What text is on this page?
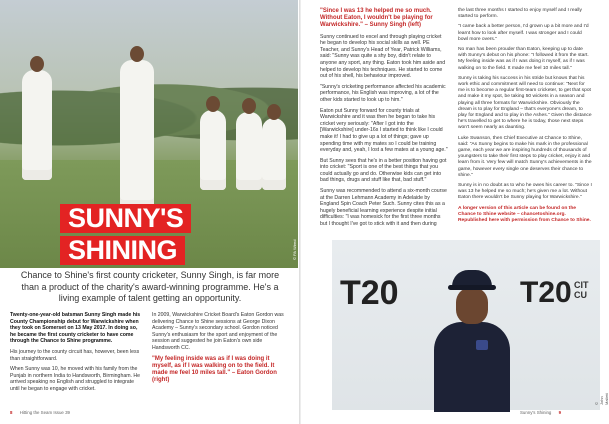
© PA Wired
SUNNY'S
SHINING
Chance to Shine's first county cricketer, Sunny Singh, is far more than a product of the charity's award-winning programme. He's a living example of talent getting an opportunity.

Twenty-one-year-old batsman Sunny Singh made his County Championship debut for Warwickshire when they took on Somerset on 13 May 2017. In doing so, he became the first county cricketer to have come through the Chance to Shine programme.

His journey to the county circuit has, however, been less than straightforward.

When Sunny was 10, he moved with his family from the Punjab in northern India to Handsworth, Birmingham. He arrived speaking no English and struggled to integrate until he began to engage with cricket.

In 2009, Warwickshire Cricket Board's Eaton Gordon was delivering Chance to Shine sessions at George Dixon Academy – Sunny's secondary school. Gordon noticed Sunny's enthusiasm for the sport and enjoyment of the session and suggested he join Eaton's own side Handsworth CC.

"My feeling inside was as if I was doing it myself, as if I was walking on to the field. It made me feel 10 miles tall." – Eaton Gordon (right)

8 Hitting the Seam Issue 39

"Since I was 13 he helped me so much. Without Eaton, I wouldn't be playing for Warwickshire." – Sunny Singh (left)

Sunny continued to excel and through playing cricket he began to develop his social skills as well. PE Teacher, and Sunny's Head of Year, Patrick Williams, said: "Sunny was quite a shy boy, didn't relate to anyone any sport, any thing. Eaton took him aside and helped to develop his techniques. He started to come out of his shell, his behaviour improved.

"Sunny's cricketing performance affected his academic performance, his English was improving, a lot of the other kids started to look up to him."

Eaton put Sunny forward for county trials at Warwickshire and it was then he began to take his cricket very seriously: "After I got into the [Warwickshire] under-16s I started to think like I could make it! I had to give up a lot of things; gave up spending time with my mates so I could be training everyday and, yeah, I lost a few mates at a young age."

But Sunny sees that he's in a better position having got into cricket: "Sport is one of the best things that you could actually go and do. Otherwise kids can get into bad things, drugs and stuff like that, bad stuff."

Sunny was recommended to attend a six-month course at the Darren Lehmann Academy in Adelaide by England Spin Coach Peter Such. Sunny cites this as a hugely beneficial learning experience despite initial difficulties: "I was homesick for the first three months but I thought I've got to stick with it and then during

the last three months I started to enjoy myself and I really started to perform.

"I came back a better person, I'd grown up a bit more and I'd learnt how to look after myself. I was stronger and I could bowl more overs."

No man has been prouder than Eaton, keeping up to date with Sunny's debut on his phone: "I followed it from the start. My feeling inside was as if I was doing it myself, as if I was walking on to the field. It made me feel 10 miles tall."

Sunny is taking his success in his stride but knows that his work ethic and commitment will need to continue: "Next for me is to become a regular first-team cricketer, to get that spot and make it my spot, be taking 50 wickets in a season and playing all three formats for Warwickshire. Obviously the dream is to play for England – that's everyone's dream, to play for England and to play in the Ashes." Given the distance he's travelled to get to where he is today, those next steps won't seem nearly as daunting.

Luke Swanson, then Chief Executive at Chance to Shine, said: "As Sunny begins to make his mark in the professional game, each year we are inspiring hundreds of thousands of youngsters to take their first steps to play cricket, enjoy it and learn from it. Very few will match Sunny's achievements in the game, however every single one deserves their chance to shine."

Sunny is in no doubt as to who he owes his career to. "Since I was 13 he helped me so much; he's given me a lot. Without Eaton there wouldn't be Sunny playing for Warwickshire."

A longer version of this article can be found on the Chance to Shine website – chancetoshine.org. Republished here with permission from Chance to Shine.

T20	T20 CIT CU
© John Mallett
Sunny's Shining 9
